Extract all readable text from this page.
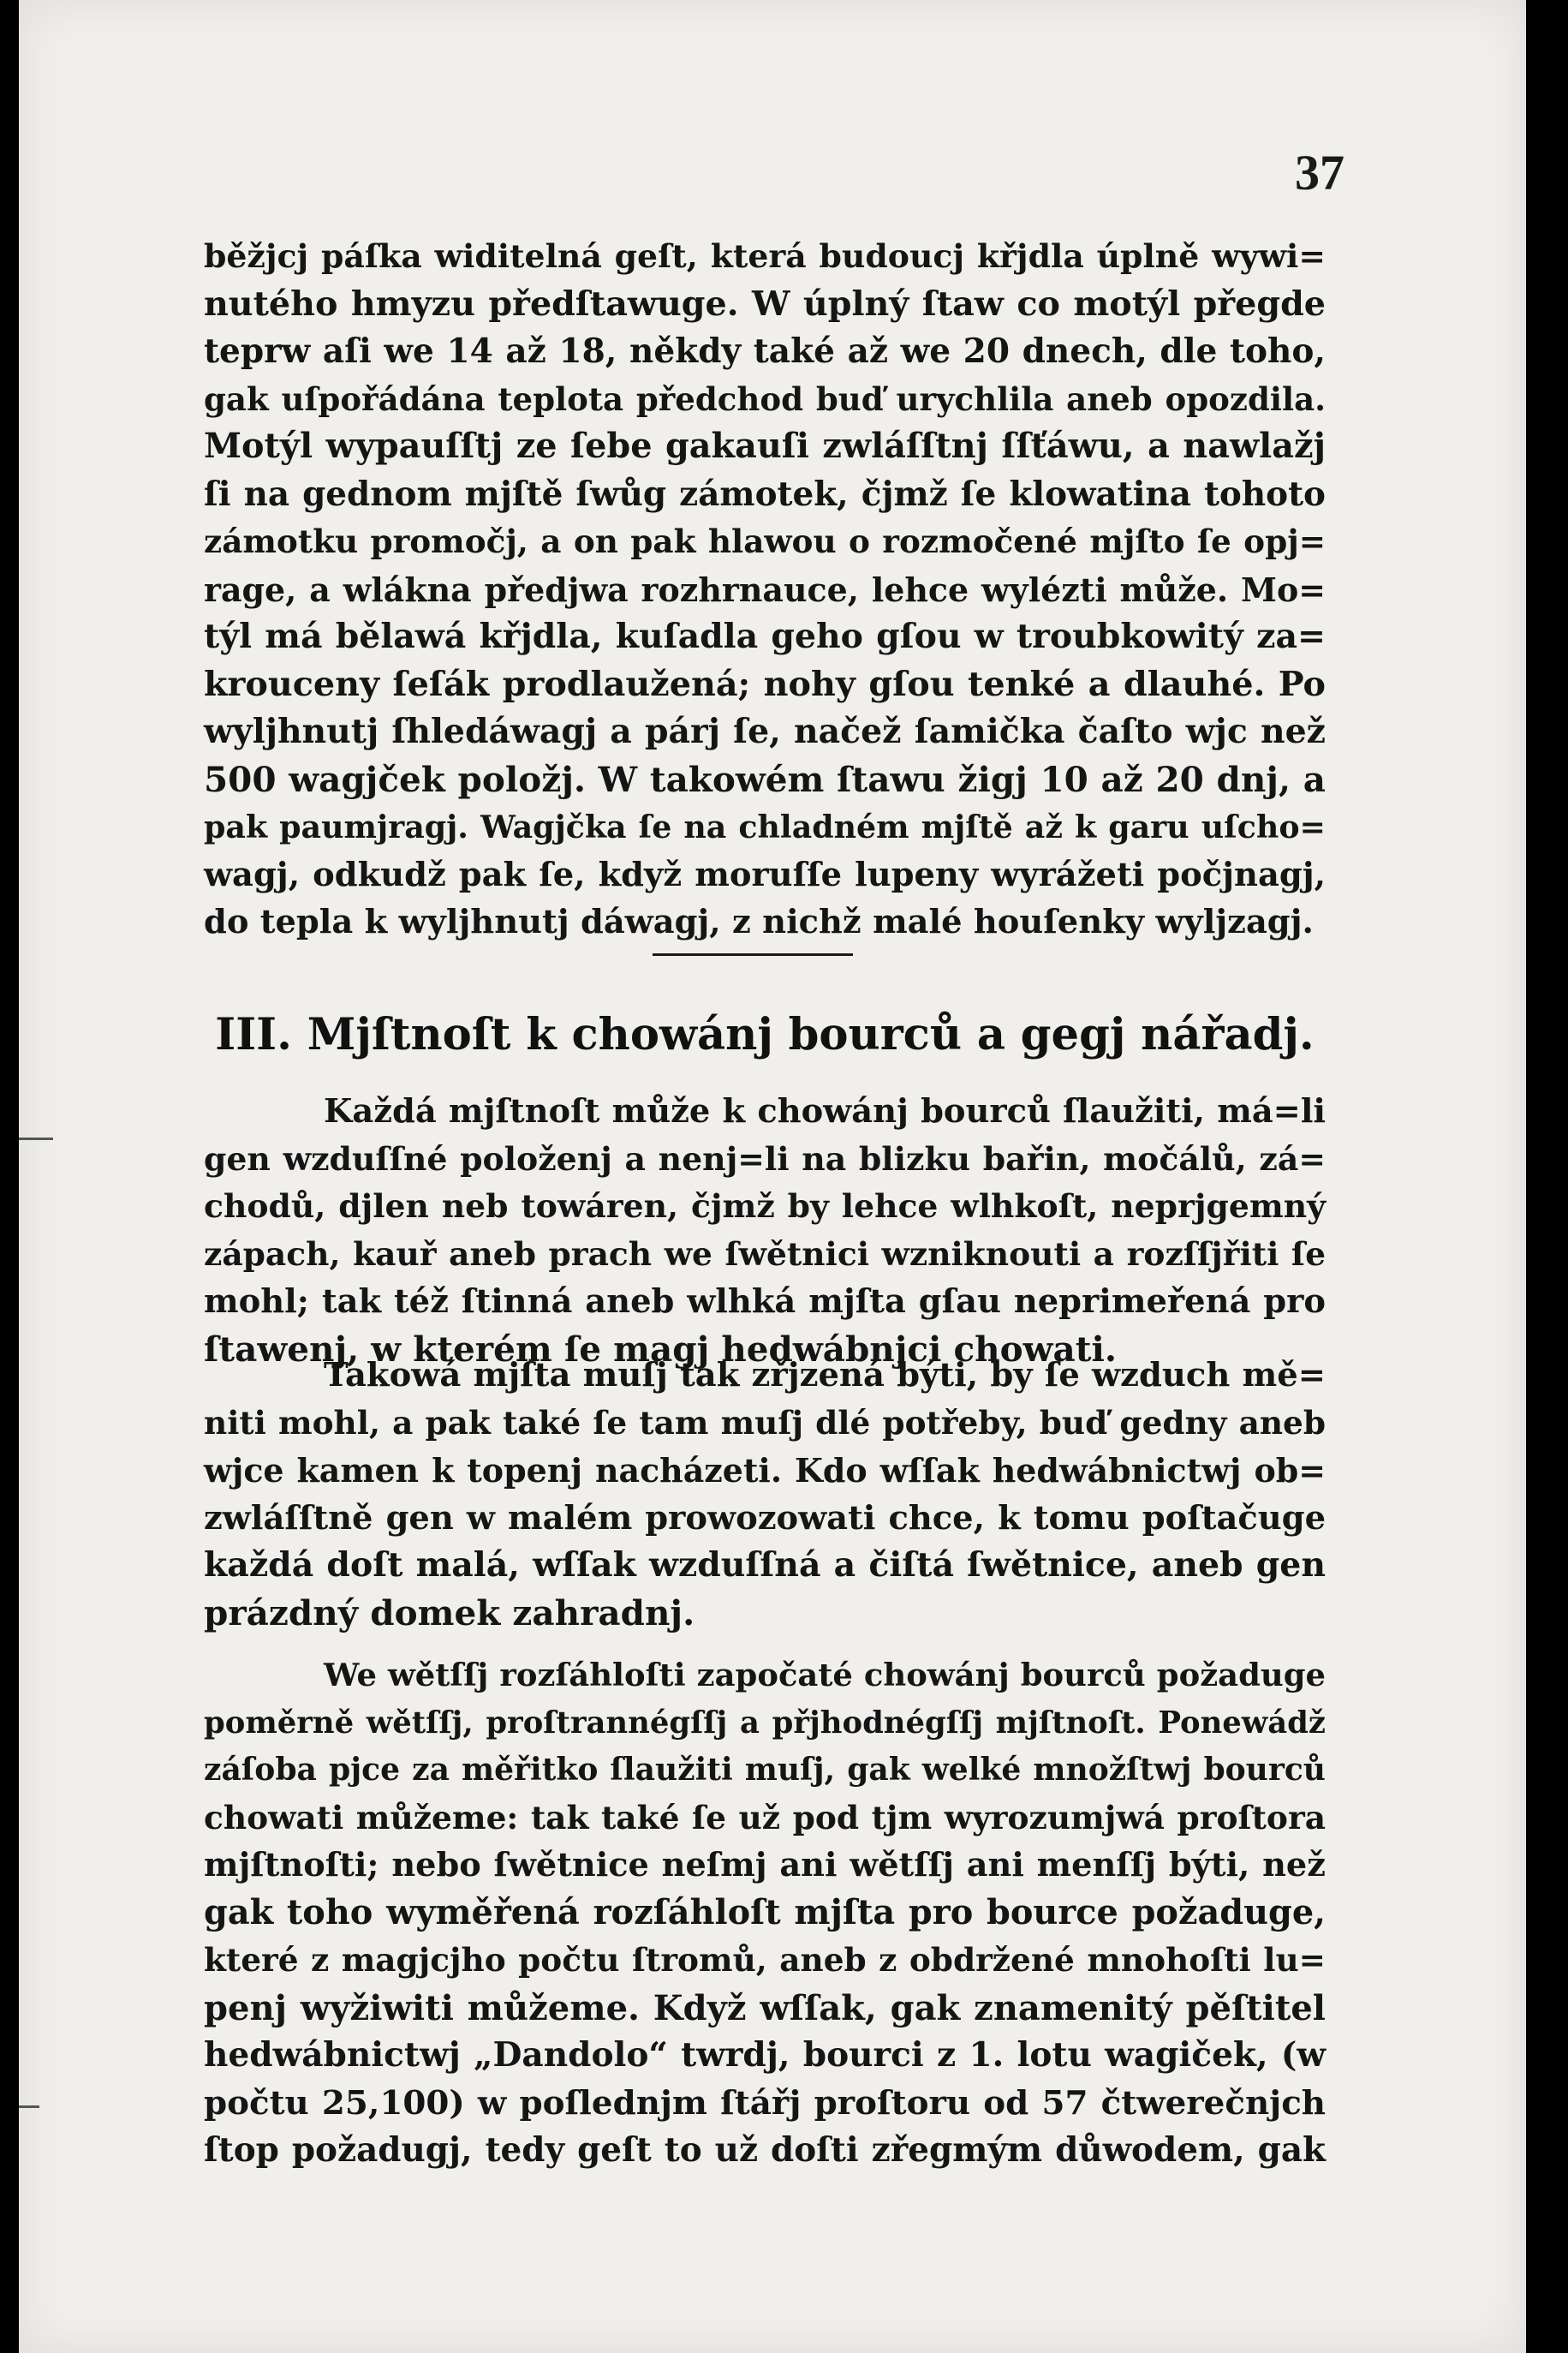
37
běžjcj páſka widitelná geſt, která budoucj křjdla úplně wywi=
nutého hmyzu předſtawuge. W úplný ſtaw co motýl přegde
teprw aſi we 14 až 18, někdy také až we 20 dnech, dle toho,
gak uſpořádána teplota předchod buď urychlila aneb opozdila.
Motýl wypauſſtj ze ſebe gakauſi zwláſſtnj ſſťáwu, a nawlažj
ſi na gednom mjſtě ſwůg zámotek, čjmž ſe klowatina tohoto
zámotku promočj, a on pak hlawou o rozmočené mjſto ſe opj=
rage, a wlákna předjwa rozhrnauce, lehce wylézti může. Mo=
týl má bělawá křjdla, kuſadla geho gſou w troubkowitý za=
krouceny ſeſák prodlaužená; nohy gſou tenké a dlauhé. Po
wyljhnutj ſhledáwagj a párj ſe, načež ſamička čaſto wjc než
500 wagjček položj. W takowém ſtawu žigj 10 až 20 dnj, a
pak paumjragj. Wagjčka ſe na chladném mjſtě až k garu uſcho=
wagj, odkudž pak ſe, když moruſſe lupeny wyrážeti počjnagj,
do tepla k wyljhnutj dáwagj, z nichž malé houſenky wyljzagj.
III. Mjſtnoſt k chowánj bourců a gegj nářadj.
Každá mjſtnoſt může k chowánj bourců ſlaužiti, má=li
gen wzduſſné položenj a nenj=li na blizku bařin, močálů, zá=
chodů, djlen neb towáren, čjmž by lehce wlhkoſt, neprjgemný
zápach, kauř aneb prach we ſwětnici wzniknouti a rozſſjřiti ſe
mohl; tak též ſtinná aneb wlhká mjſta gſau neprimeřená pro
ſtawenj, w kterém ſe magj hedwábnjci chowati.
Takowá mjſta muſj tak zřjzená býti, by ſe wzduch mě=
niti mohl, a pak také ſe tam muſj dlé potřeby, buď gedny aneb
wjce kamen k topenj nacházeti. Kdo wſſak hedwábnictwj ob=
zwláſſtně gen w malém prowozowati chce, k tomu poſtačuge
každá doſt malá, wſſak wzduſſná a čiſtá ſwětnice, aneb gen
prázdný domek zahradnj.
We wětſſj rozſáhloſti započaté chowánj bourců požaduge
poměrně wětſſj, proſtrannégſſj a přjhodnégſſj mjſtnoſt. Ponewádž
záſoba pjce za měřitko ſlaužiti muſj, gak welké množſtwj bourců
chowati můžeme: tak také ſe už pod tjm wyrozumjwá proſtora
mjſtnoſti; nebo ſwětnice neſmj ani wětſſj ani menſſj býti, než
gak toho wyměřená rozſáhloſt mjſta pro bource požaduge,
které z magjcjho počtu ſtromů, aneb z obdržené mnohoſti lu=
penj wyžiwiti můžeme. Když wſſak, gak znamenitý pěſtitel
hedwábnictwj „Dandolo“ twrdj, bourci z 1. lotu wagiček, (w
počtu 25,100) w poſlednjm ſtářj proſtoru od 57 čtwerečnjch
ſtop požadugj, tedy geſt to už doſti zřegmým důwodem, gak
